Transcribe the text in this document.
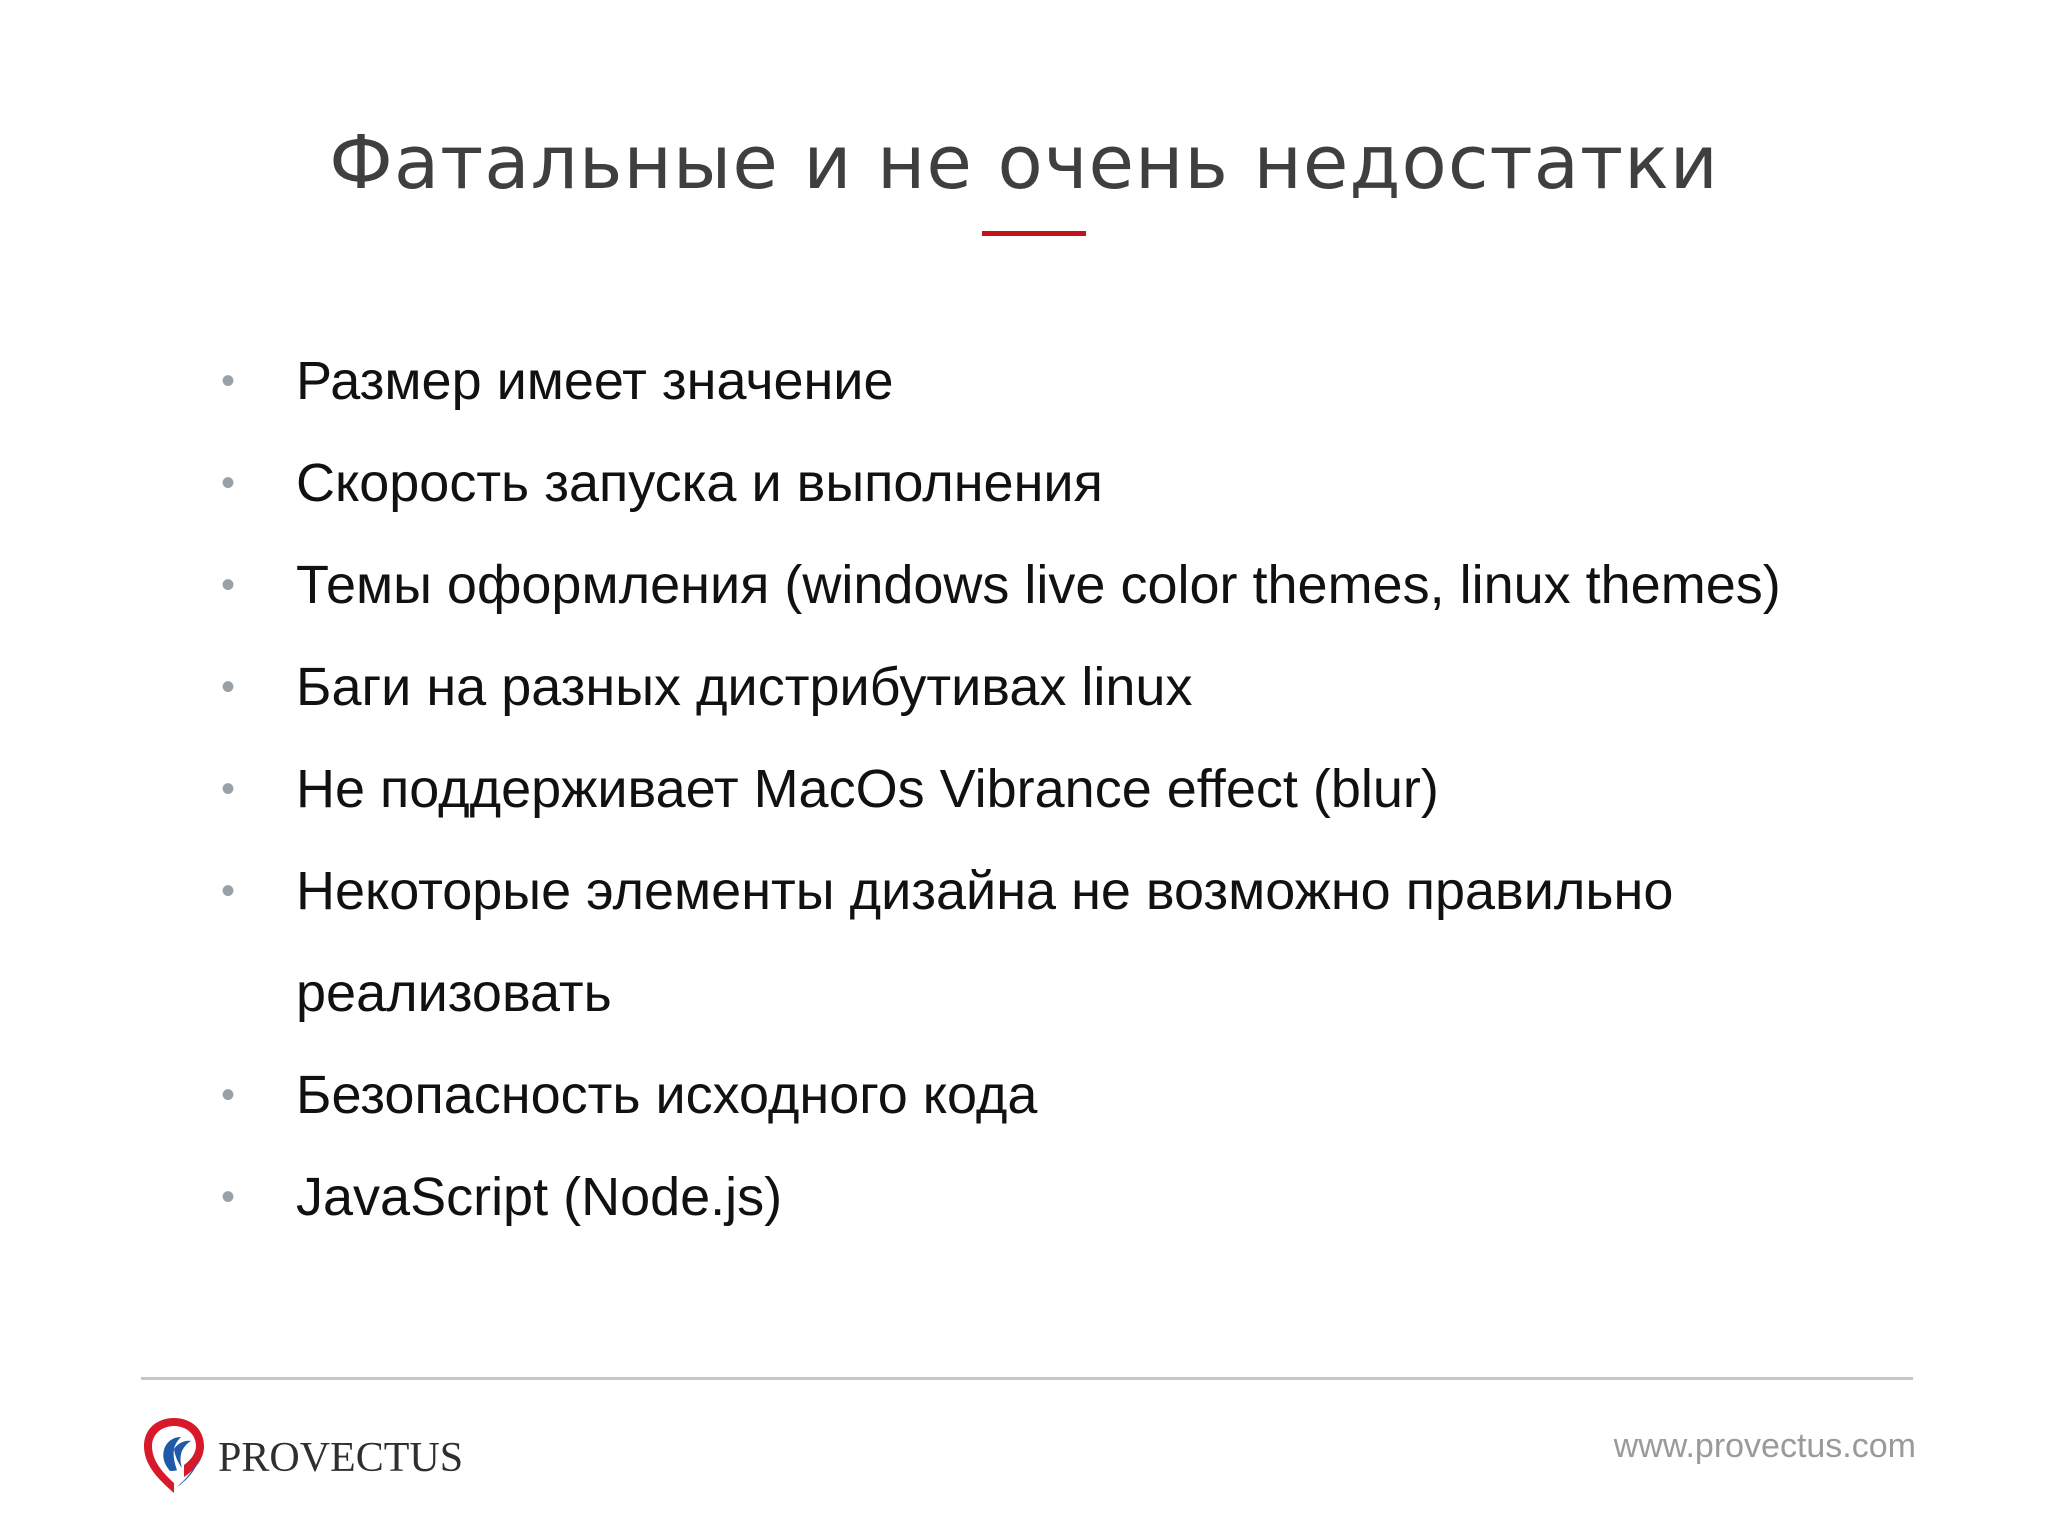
Фатальные и не очень недостатки
• Размер имеет значение
• Скорость запуска и выполнения
• Темы оформления (windows live color themes, linux themes)
• Баги на разных дистрибутивах linux
• Не поддерживает MacOs Vibrance effect (blur)
• Некоторые элементы дизайна не возможно правильно реализовать
• Безопасность исходного кода
• JavaScript (Node.js)
PROVECTUS	www.provectus.com
